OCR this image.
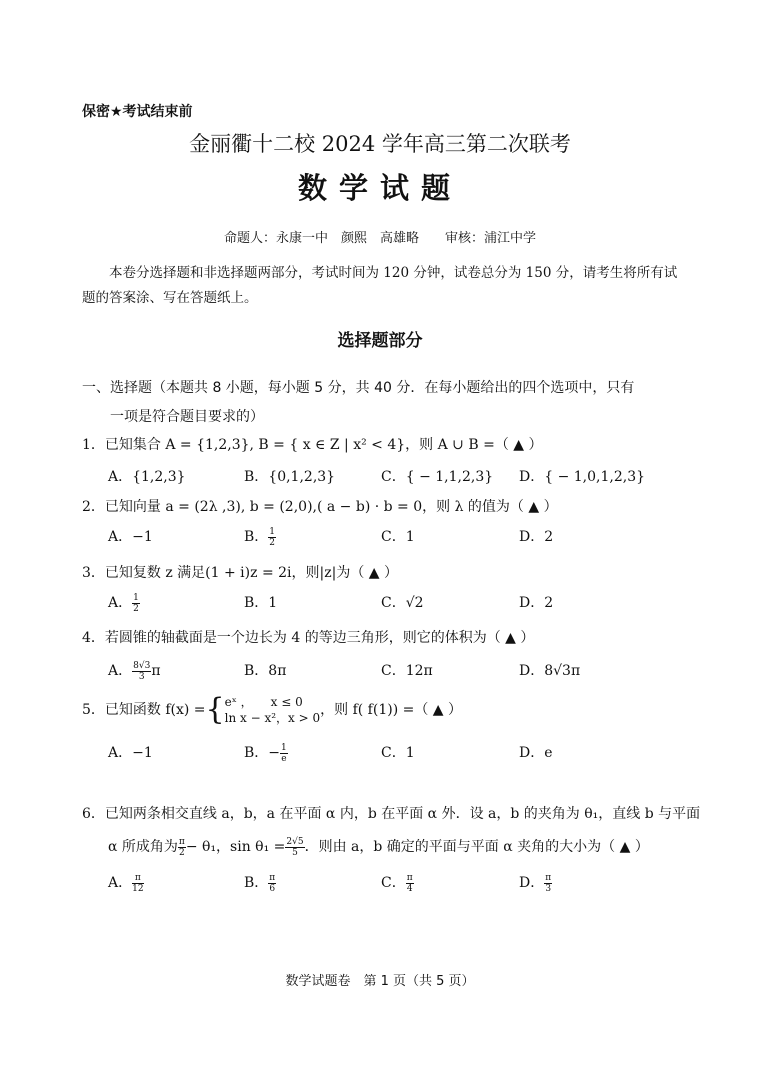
保密★考试结束前
金丽衢十二校 2024 学年高三第二次联考
数学试题
命题人：永康一中　颜熙　高雄略　　审核：浦江中学
本卷分选择题和非选择题两部分，考试时间为 120 分钟，试卷总分为 150 分，请考生将所有试题的答案涂、写在答题纸上。
选择题部分
一、选择题（本题共 8 小题，每小题 5 分，共 40 分．在每小题给出的四个选项中，只有
一项是符合题目要求的）
1．已知集合 A = {1,2,3}, B = { x ∈ Z | x² < 4}，则 A ∪ B =（ ▲ ）
A．{1,2,3}	B．{0,1,2,3}	C．{ − 1,1,2,3} D．{ − 1,0,1,2,3}
2．已知向量 a = (2λ ,3), b = (2,0),( a − b) · b = 0，则 λ 的值为（ ▲ ）
A．−1	B． $\frac{1}{2}$	C．1	D．2
3．已知复数 z 满足(1 + i)z = 2i，则|z|为（ ▲ ）
A． $\frac{1}{2}$	B．1	C．√2	D．2
4．若圆锥的轴截面是一个边长为 4 的等边三角形，则它的体积为（ ▲ ）
A． $\frac{8√3}{3}$ π	B．8π	C．12π	D．8√3π
5．已知函数 f(x) ={ eˣ ，　　x ≤ 0
ln x − x²，x > 0 ，则 f( f(1)) =（ ▲ ）
A．−1	B．− $\frac{1}{e}$	C．1	D．e
6．已知两条相交直线 a，b，a 在平面 α 内，b 在平面 α 外．设 a，b 的夹角为 θ₁，直线 b 与平面
α 所成角为 $\frac{\pi}{2} - \theta_1$，$\sin \theta_1 = \frac{2√5}{5}$ ．则由 a，b 确定的平面与平面 α 夹角的大小为（ ▲ ）
A． $\frac{\pi}{12}$	B． $\frac{\pi}{6}$	C． $\frac{\pi}{4}$	D． $\frac{\pi}{3}$
数学试题卷　第 1 页（共 5 页）
